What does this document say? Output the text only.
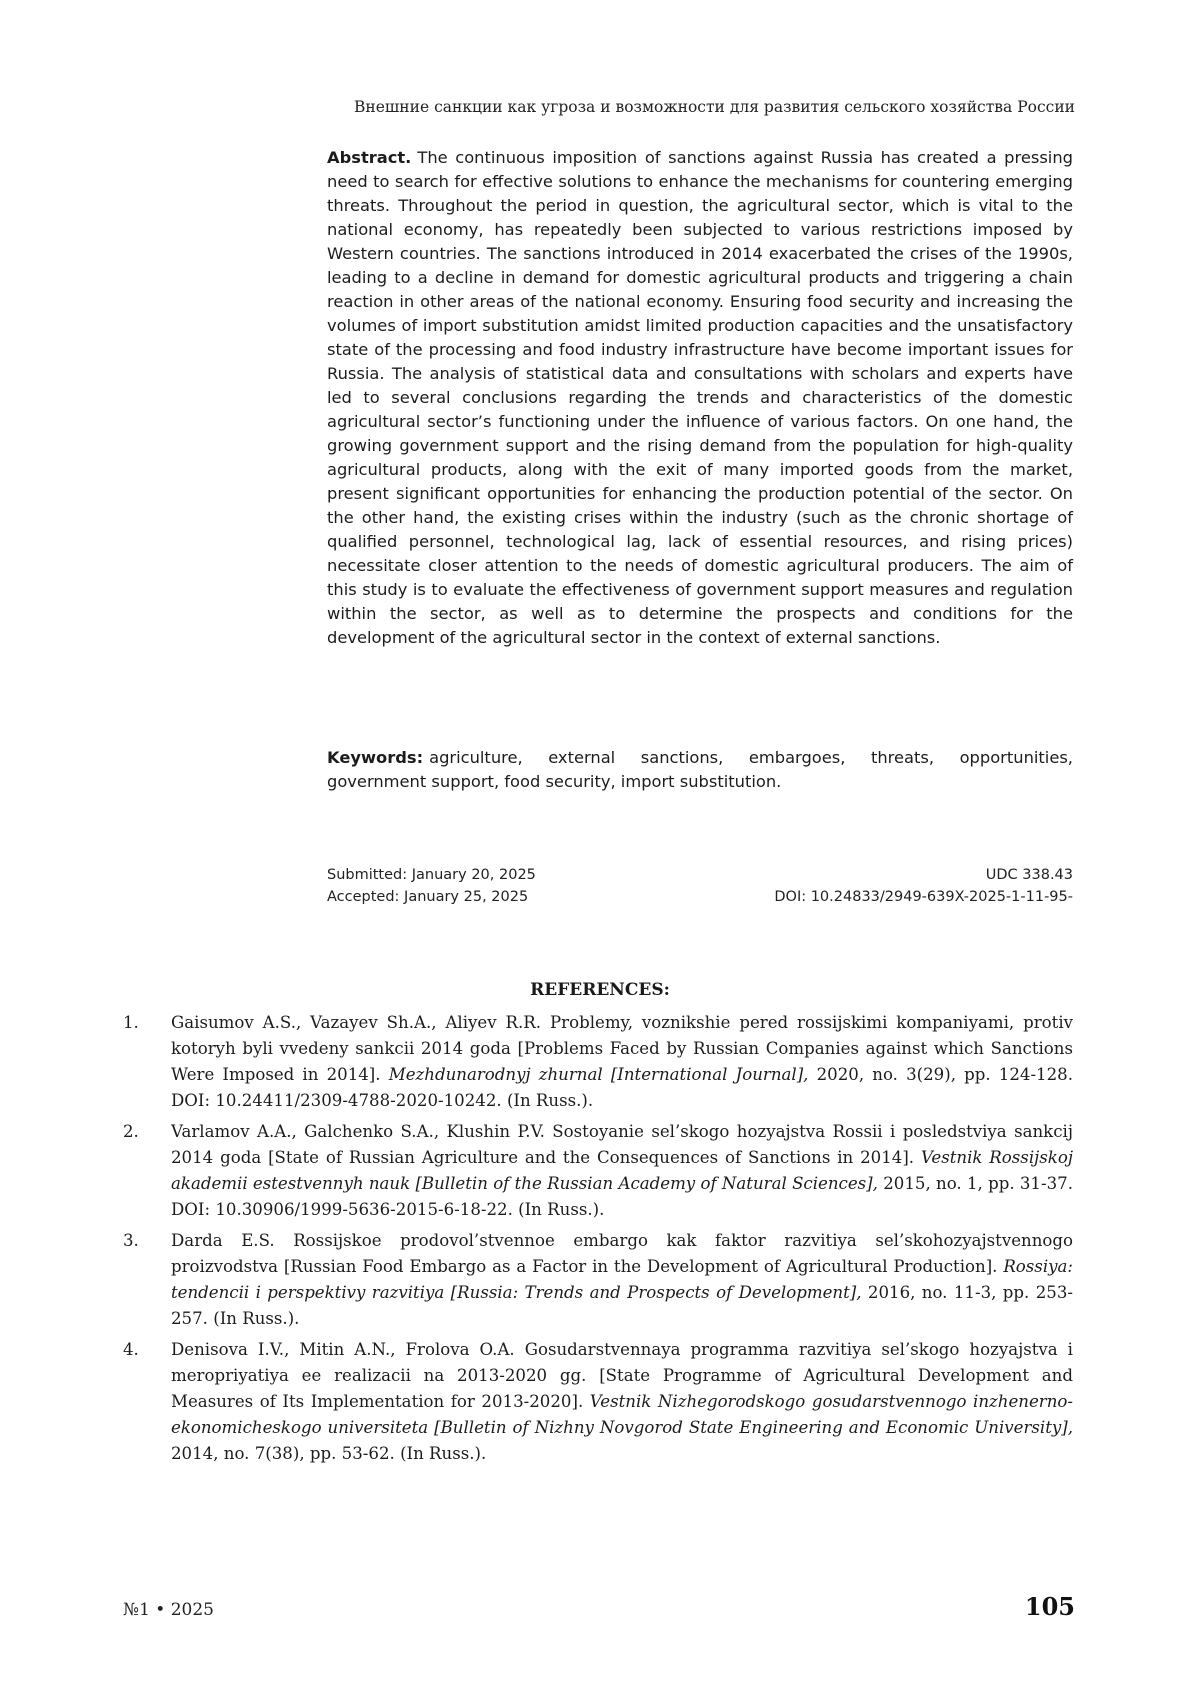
Внешние санкции как угроза и возможности для развития сельского хозяйства России
Abstract. The continuous imposition of sanctions against Russia has created a pressing need to search for effective solutions to enhance the mechanisms for countering emerging threats. Throughout the period in question, the agricultural sector, which is vital to the national economy, has repeatedly been subjected to various restrictions imposed by Western countries. The sanctions introduced in 2014 exacerbated the crises of the 1990s, leading to a decline in demand for domestic agricultural products and triggering a chain reaction in other areas of the national economy. Ensuring food security and increasing the volumes of import substitution amidst limited production capacities and the unsatisfactory state of the processing and food industry infrastructure have become important issues for Russia. The analysis of statistical data and consultations with scholars and experts have led to several conclusions regarding the trends and characteristics of the domestic agricultural sector’s functioning under the influence of various factors. On one hand, the growing government support and the rising demand from the population for high-quality agricultural products, along with the exit of many imported goods from the market, present significant opportunities for enhancing the production potential of the sector. On the other hand, the existing crises within the industry (such as the chronic shortage of qualified personnel, technological lag, lack of essential resources, and rising prices) necessitate closer attention to the needs of domestic agricultural producers. The aim of this study is to evaluate the effectiveness of government support measures and regulation within the sector, as well as to determine the prospects and conditions for the development of the agricultural sector in the context of external sanctions.
Keywords: agriculture, external sanctions, embargoes, threats, opportunities, government support, food security, import substitution.
Submitted: January 20, 2025
Accepted: January 25, 2025
UDC 338.43
DOI: 10.24833/2949-639X-2025-1-11-95-
REFERENCES:
1. Gaisumov A.S., Vazayev Sh.A., Aliyev R.R. Problemy, voznikshie pered rossijskimi kompaniyami, protiv kotoryh byli vvedeny sankcii 2014 goda [Problems Faced by Russian Companies against which Sanctions Were Imposed in 2014]. Mezhdunarodnyj zhurnal [International Journal], 2020, no. 3(29), pp. 124-128. DOI: 10.24411/2309-4788-2020-10242. (In Russ.).
2. Varlamov A.A., Galchenko S.A., Klushin P.V. Sostoyanie sel’skogo hozyajstva Rossii i posledstviya sankcij 2014 goda [State of Russian Agriculture and the Consequences of Sanctions in 2014]. Vestnik Rossijskoj akademii estestvennyh nauk [Bulletin of the Russian Academy of Natural Sciences], 2015, no. 1, pp. 31-37. DOI: 10.30906/1999-5636-2015-6-18-22. (In Russ.).
3. Darda E.S. Rossijskoe prodovol’stvennoe embargo kak faktor razvitiya sel’skohozyajstvennogo proizvodstva [Russian Food Embargo as a Factor in the Development of Agricultural Production]. Rossiya: tendencii i perspektivy razvitiya [Russia: Trends and Prospects of Development], 2016, no. 11-3, pp. 253-257. (In Russ.).
4. Denisova I.V., Mitin A.N., Frolova O.A. Gosudarstvennaya programma razvitiya sel’skogo hozyajstva i meropriyatiya ee realizacii na 2013-2020 gg. [State Programme of Agricultural Development and Measures of Its Implementation for 2013-2020]. Vestnik Nizhegorodskogo gosudarstvennogo inzhenerno-ekonomicheskogo universiteta [Bulletin of Nizhny Novgorod State Engineering and Economic University], 2014, no. 7(38), pp. 53-62. (In Russ.).
№1 • 2025	105
